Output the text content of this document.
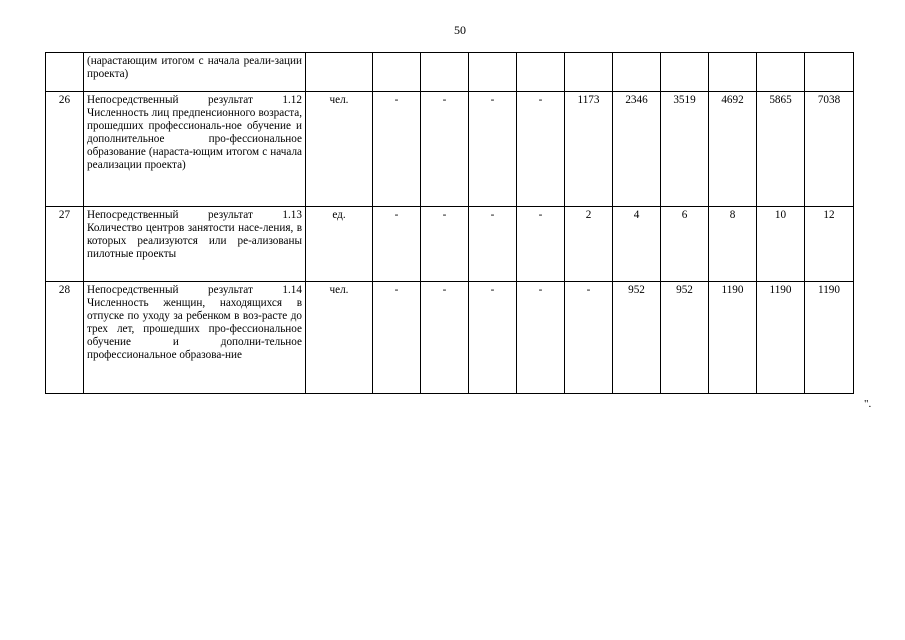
50
	(нарастающим итогом с начала реали-зации проекта)											
26	Непосредственный результат 1.12 Численность лиц предпенсионного возраста, прошедших профессиональ-ное обучение и дополнительное про-фессиональное образование (нараста-ющим итогом с начала реализации проекта)	чел.	-	-	-	-	1173	2346	3519	4692	5865	7038
27	Непосредственный результат 1.13 Количество центров занятости насе-ления, в которых реализуются или ре-ализованы пилотные проекты	ед.	-	-	-	-	2	4	6	8	10	12
28	Непосредственный результат 1.14 Численность женщин, находящихся в отпуске по уходу за ребенком в воз-расте до трех лет, прошедших про-фессиональное обучение и дополни-тельное профессиональное образова-ние	чел.	-	-	-	-	-	952	952	1190	1190	1190
".
